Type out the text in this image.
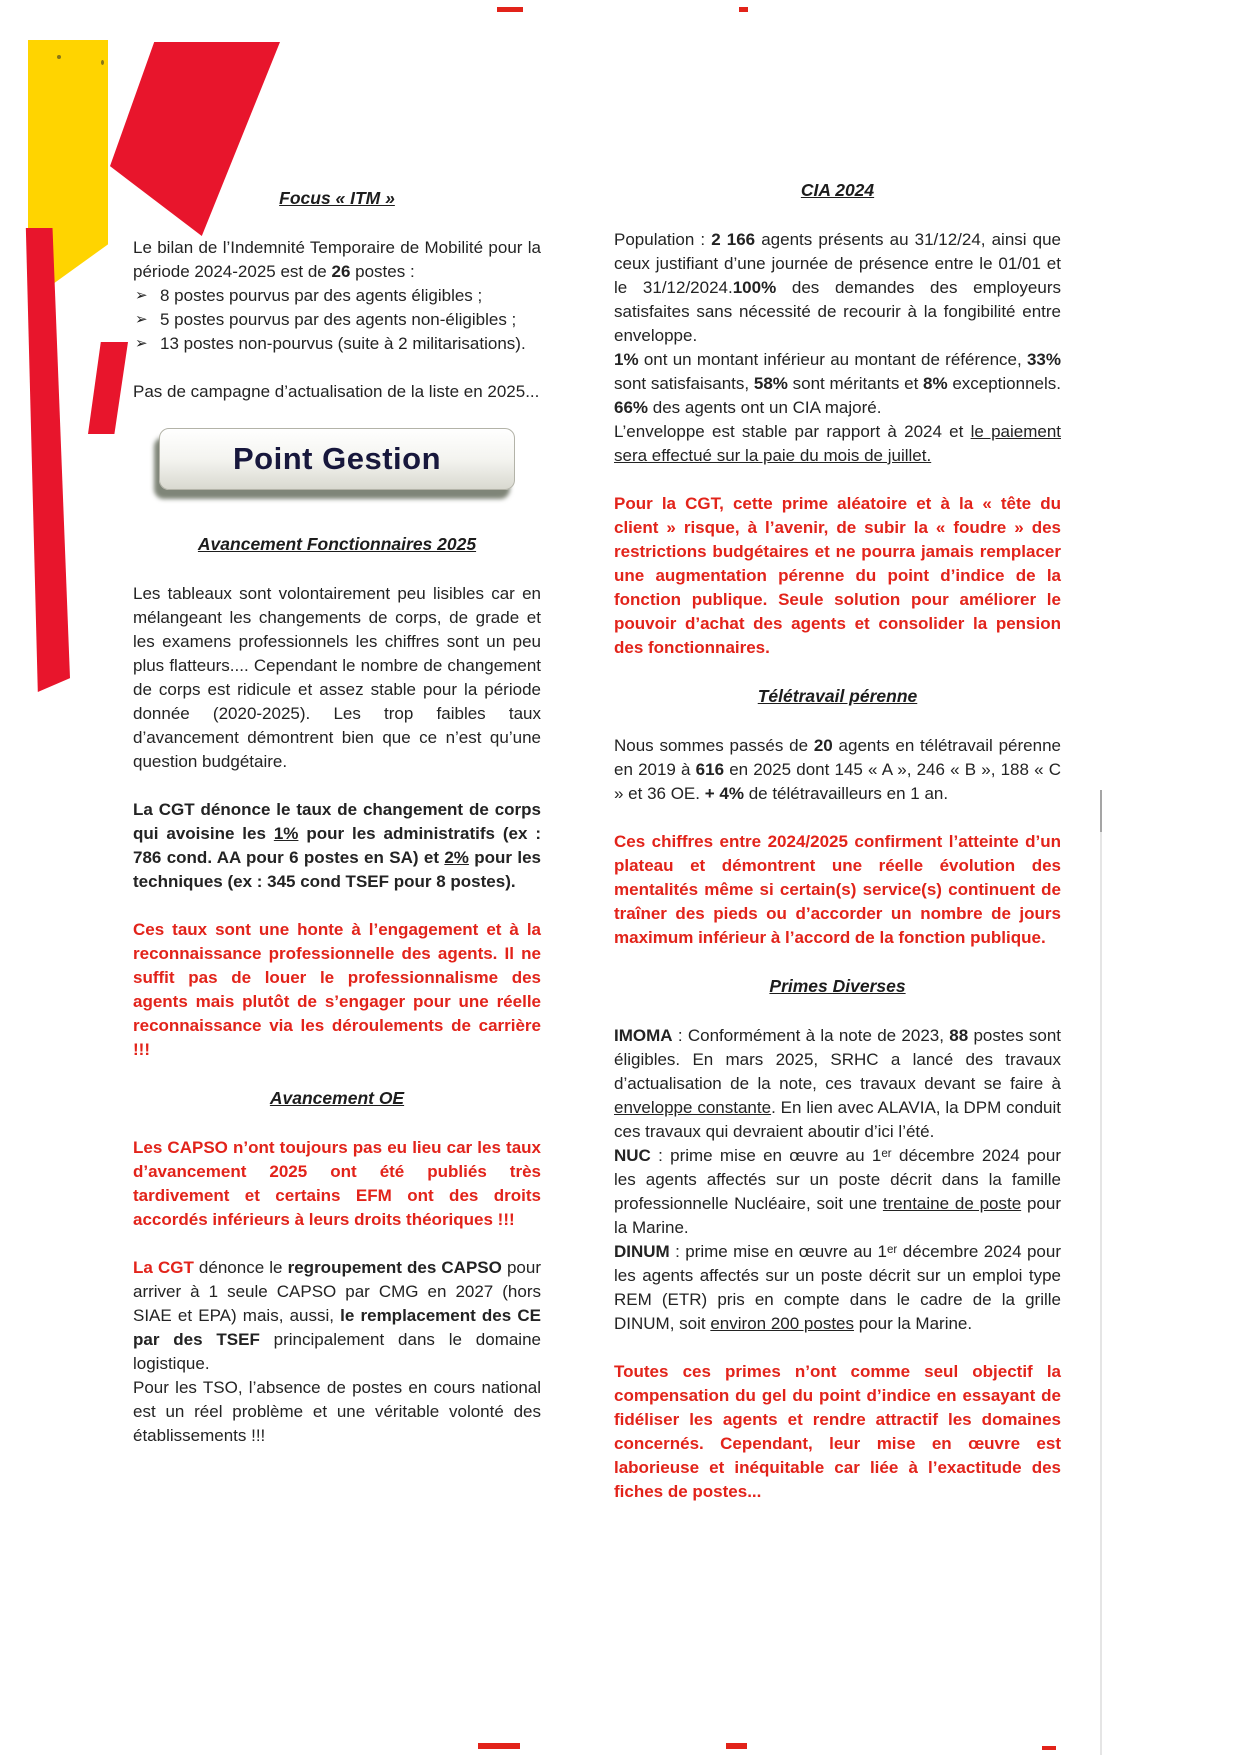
Focus « ITM »

Le bilan de l’Indemnité Temporaire de Mobilité pour la période 2024-2025 est de 26 postes :

➢ 8 postes pourvus par des agents éligibles ;
➢ 5 postes pourvus par des agents non-éligibles ;
➢ 13 postes non-pourvus (suite à 2 militarisations).

Pas de campagne d’actualisation de la liste en 2025...

Point Gestion
Avancement Fonctionnaires 2025

Les tableaux sont volontairement peu lisibles car en mélangeant les changements de corps, de grade et les examens professionnels les chiffres sont un peu plus flatteurs.... Cependant le nombre de changement de corps est ridicule et assez stable pour la période donnée (2020-2025). Les trop faibles taux d’avancement démontrent bien que ce n’est qu’une question budgétaire.

La CGT dénonce le taux de changement de corps qui avoisine les 1% pour les administratifs (ex : 786 cond. AA pour 6 postes en SA) et 2% pour les techniques (ex : 345 cond TSEF pour 8 postes).

Ces taux sont une honte à l’engagement et à la reconnaissance professionnelle des agents. Il ne suffit pas de louer le professionnalisme des agents mais plutôt de s’engager pour une réelle reconnaissance via les déroulements de carrière !!!

Avancement OE

Les CAPSO n’ont toujours pas eu lieu car les taux d’avancement 2025 ont été publiés très tardivement et certains EFM ont des droits accordés inférieurs à leurs droits théoriques !!!

La CGT dénonce le regroupement des CAPSO pour arriver à 1 seule CAPSO par CMG en 2027 (hors SIAE et EPA) mais, aussi, le remplacement des CE par des TSEF principalement dans le domaine logistique.

Pour les TSO, l’absence de postes en cours national est un réel problème et une véritable volonté des établissements !!!

CIA 2024

Population : 2 166 agents présents au 31/12/24, ainsi que ceux justifiant d’une journée de présence entre le 01/01 et le 31/12/2024.100% des demandes des employeurs satisfaites sans nécessité de recourir à la fongibilité entre enveloppe.

1% ont un montant inférieur au montant de référence, 33% sont satisfaisants, 58% sont méritants et 8% exceptionnels. 66% des agents ont un CIA majoré.

L’enveloppe est stable par rapport à 2024 et le paiement sera effectué sur la paie du mois de juillet.

Pour la CGT, cette prime aléatoire et à la « tête du client » risque, à l’avenir, de subir la « foudre » des restrictions budgétaires et ne pourra jamais remplacer une augmentation pérenne du point d’indice de la fonction publique. Seule solution pour améliorer le pouvoir d’achat des agents et consolider la pension des fonctionnaires.

Télétravail pérenne

Nous sommes passés de 20 agents en télétravail pérenne en 2019 à 616 en 2025 dont 145 « A », 246 « B », 188 « C » et 36 OE. + 4% de télétravailleurs en 1 an.

Ces chiffres entre 2024/2025 confirment l’atteinte d’un plateau et démontrent une réelle évolution des mentalités même si certain(s) service(s) continuent de traîner des pieds ou d’accorder un nombre de jours maximum inférieur à l’accord de la fonction publique.

Primes Diverses

IMOMA : Conformément à la note de 2023, 88 postes sont éligibles. En mars 2025, SRHC a lancé des travaux d’actualisation de la note, ces travaux devant se faire à enveloppe constante. En lien avec ALAVIA, la DPM conduit ces travaux qui devraient aboutir d’ici l’été.

NUC : prime mise en œuvre au 1ᵉʳ décembre 2024 pour les agents affectés sur un poste décrit dans la famille professionnelle Nucléaire, soit une trentaine de poste pour la Marine.

DINUM : prime mise en œuvre au 1ᵉʳ décembre 2024 pour les agents affectés sur un poste décrit sur un emploi type REM (ETR) pris en compte dans le cadre de la grille DINUM, soit environ 200 postes pour la Marine.

Toutes ces primes n’ont comme seul objectif la compensation du gel du point d’indice en essayant de fidéliser les agents et rendre attractif les domaines concernés. Cependant, leur mise en œuvre est laborieuse et inéquitable car liée à l’exactitude des fiches de postes...
